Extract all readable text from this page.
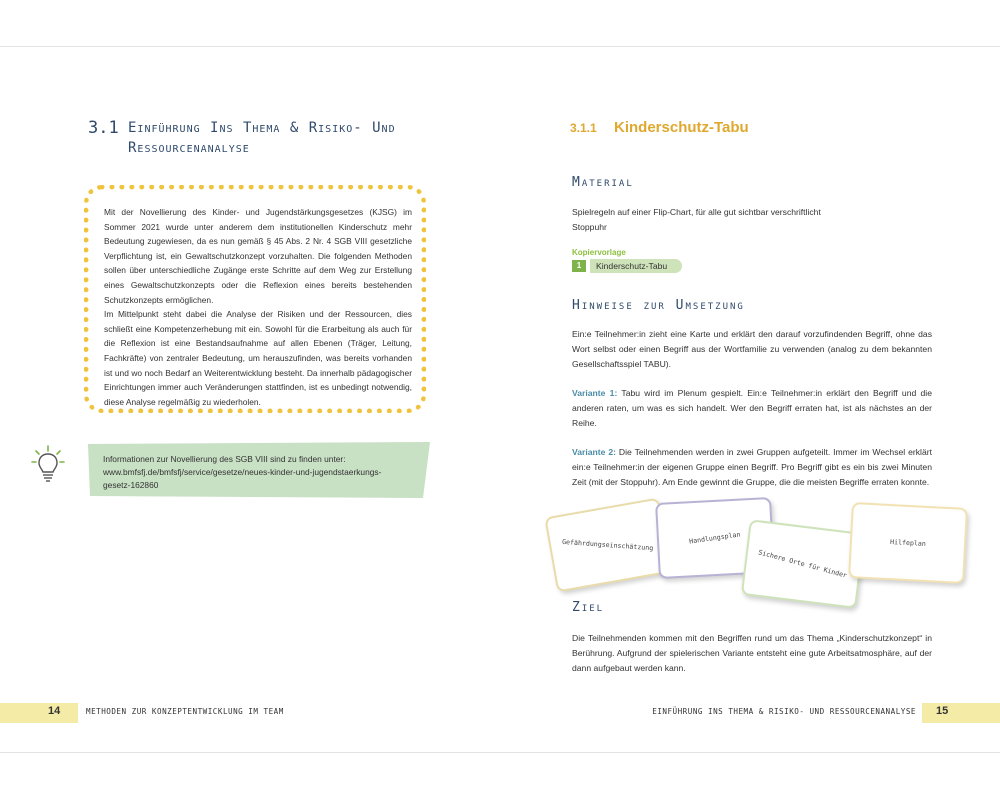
3.1 Einführung Ins Thema & Risiko- Und
Ressourcenanalyse

Mit der Novellierung des Kinder- und Jugendstärkungsgesetzes (KJSG) im Sommer 2021 wurde unter anderem dem institutionellen Kinderschutz mehr Bedeutung zugewiesen, da es nun gemäß § 45 Abs. 2 Nr. 4 SGB VIII gesetzliche Verpflichtung ist, ein Gewaltschutzkonzept vorzuhalten. Die folgenden Methoden sollen über unterschiedliche Zugänge erste Schritte auf dem Weg zur Erstellung eines Gewaltschutzkonzepts oder die Reflexion eines bereits bestehenden Schutzkonzepts ermöglichen.

Im Mittelpunkt steht dabei die Analyse der Risiken und der Ressourcen, dies schließt eine Kompetenzerhebung mit ein. Sowohl für die Erarbeitung als auch für die Reflexion ist eine Bestandsaufnahme auf allen Ebenen (Träger, Leitung, Fachkräfte) von zentraler Bedeutung, um herauszufinden, was bereits vorhanden ist und wo noch Bedarf an Weiterentwicklung besteht. Da innerhalb pädagogischer Einrichtungen immer auch Veränderungen stattfinden, ist es unbedingt notwendig, diese Analyse regelmäßig zu wiederholen.

Informationen zur Novellierung des SGB VIII sind zu finden unter:
www.bmfsfj.de/bmfsfj/service/gesetze/neues-kinder-und-jugendstaerkungs-
gesetz-162860
3.1.1 Kinderschutz-Tabu
Material
Spielregeln auf einer Flip-Chart, für alle gut sichtbar verschriftlicht
Stoppuhr
Kopiervorlage
1	Kinderschutz-Tabu
Hinweise zur Umsetzung

Ein:e Teilnehmer:in zieht eine Karte und erklärt den darauf vorzufindenden Begriff, ohne das Wort selbst oder einen Begriff aus der Wortfamilie zu verwenden (analog zu dem bekannten Gesellschaftsspiel TABU).

Variante 1: Tabu wird im Plenum gespielt. Ein:e Teilnehmer:in erklärt den Begriff und die anderen raten, um was es sich handelt. Wer den Begriff erraten hat, ist als nächstes an der Reihe.

Variante 2: Die Teilnehmenden werden in zwei Gruppen aufgeteilt. Immer im Wechsel erklärt ein:e Teilnehmer:in der eigenen Gruppe einen Begriff. Pro Begriff gibt es ein bis zwei Minuten Zeit (mit der Stoppuhr). Am Ende gewinnt die Gruppe, die die meisten Begriffe erraten konnte.

Gefährdungseinschätzung	Handlungsplan
Sichere Orte für Kinder
Hilfeplan
Ziel
Die Teilnehmenden kommen mit den Begriffen rund um das Thema „Kinderschutzkonzept“ in Berührung. Aufgrund der spielerischen Variante entsteht eine gute Arbeitsatmosphäre, auf der dann aufgebaut werden kann.
14	METHODEN ZUR KONZEPTENTWICKLUNG IM TEAM	15
EINFÜHRUNG INS THEMA & RISIKO- UND RESSOURCENANALYSE
